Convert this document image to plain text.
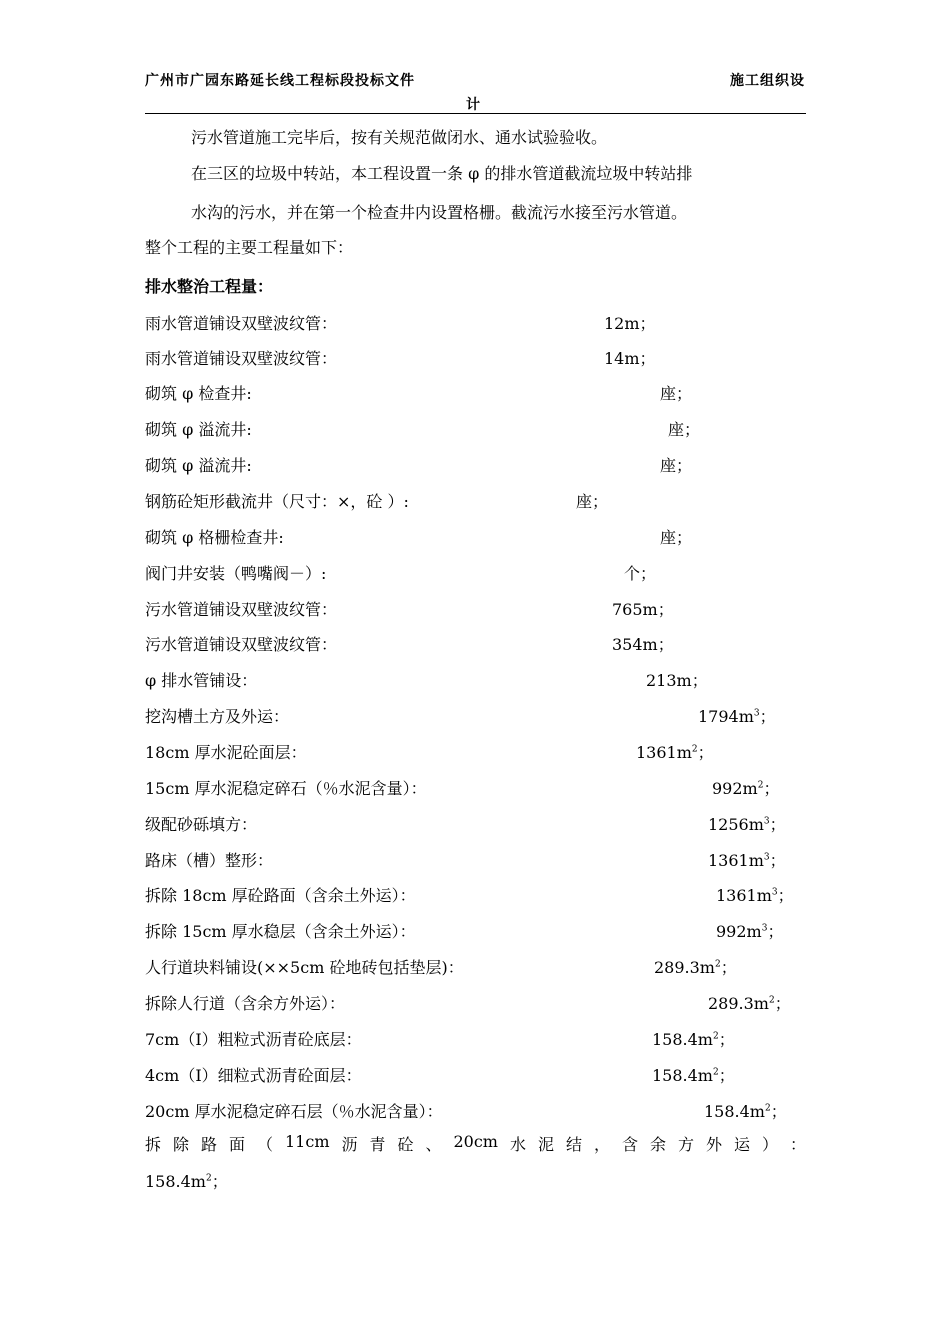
广州市广园东路延长线工程标段投标文件	施工组织设
计
污水管道施工完毕后，按有关规范做闭水、通水试验验收。
在三区的垃圾中转站，本工程设置一条 φ 的排水管道截流垃圾中转站排
水沟的污水，并在第一个检查井内设置格栅。截流污水接至污水管道。
整个工程的主要工程量如下：
排水整治工程量：
雨水管道铺设双壁波纹管：	12m；
雨水管道铺设双壁波纹管：	14m；
砌筑 φ 检查井:	座；
砌筑 φ 溢流井:	座；
砌筑 φ 溢流井:	座；
钢筋砼矩形截流井（尺寸：×，砼 ）:	座；
砌筑 φ 格栅检查井:	座；
阀门井安装（鸭嘴阀－）:	个；
污水管道铺设双壁波纹管：	765m；
污水管道铺设双壁波纹管：	354m；
φ 排水管铺设：	213m；
挖沟槽土方及外运：	$1794m^3$；
18cm 厚水泥砼面层：	$1361m^2$；
15cm 厚水泥稳定碎石（％水泥含量）：	$992m^2$；
级配砂砾填方：	$1256m^3$；
路床（槽）整形：	$1361m^3$；
拆除 18cm 厚砼路面（含余土外运）：	$1361m^3$；
拆除 15cm 厚水稳层（含余土外运）：	$992m^3$；
人行道块料铺设(××5cm 砼地砖包括垫层)：	$289.3m^2$；
拆除人行道（含余方外运）：	$289.3m^2$；
7cm（Ⅰ）粗粒式沥青砼底层：	$158.4m^2$；
4cm（Ⅰ）细粒式沥青砼面层：	$158.4m^2$；
20cm 厚水泥稳定碎石层（％水泥含量）：	$158.4m^2$；
拆 除 路 面 （ 11cm 沥 青 砼 、 20cm 水 泥 结 ， 含 余 方 外 运 ） ：
$158.4m^2$；
